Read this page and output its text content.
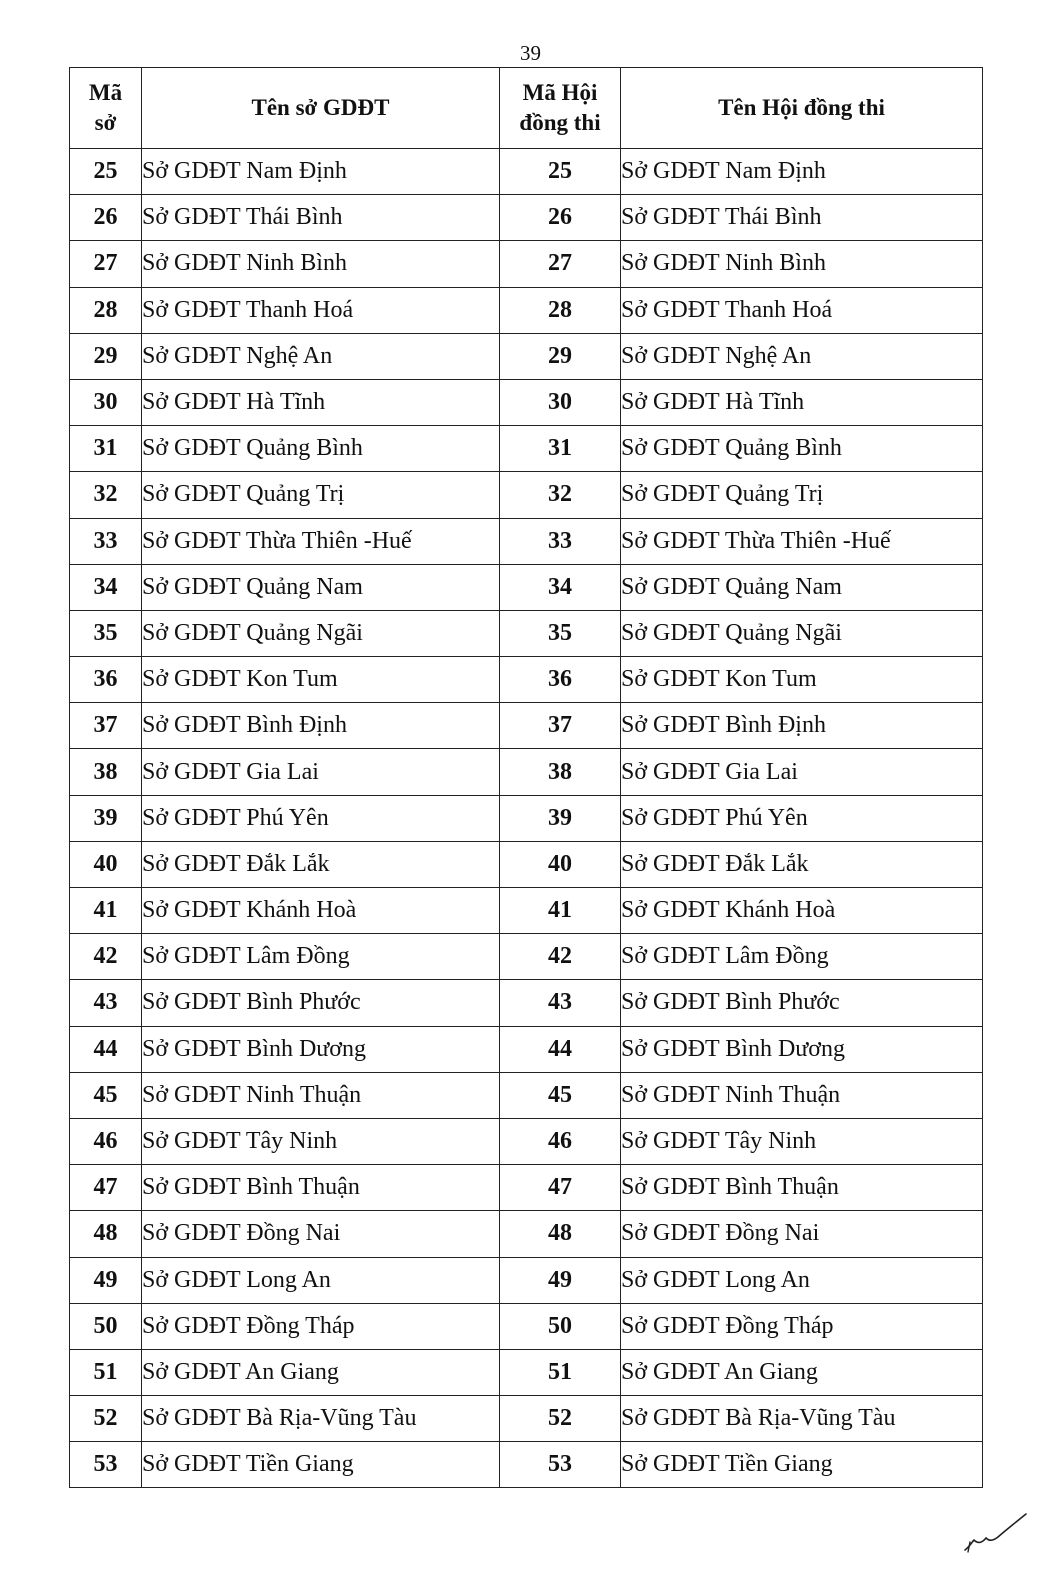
39
Mã sở	Tên sở GDĐT	Mã Hội đồng thi	Tên Hội đồng thi
25	Sở GDĐT Nam Định	25	Sở GDĐT Nam Định
26	Sở GDĐT Thái Bình	26	Sở GDĐT Thái Bình
27	Sở GDĐT Ninh Bình	27	Sở GDĐT Ninh Bình
28	Sở GDĐT Thanh Hoá	28	Sở GDĐT Thanh Hoá
29	Sở GDĐT Nghệ An	29	Sở GDĐT Nghệ An
30	Sở GDĐT Hà Tĩnh	30	Sở GDĐT Hà Tĩnh
31	Sở GDĐT Quảng Bình	31	Sở GDĐT Quảng Bình
32	Sở GDĐT Quảng Trị	32	Sở GDĐT Quảng Trị
33	Sở GDĐT Thừa Thiên -Huế	33	Sở GDĐT Thừa Thiên -Huế
34	Sở GDĐT Quảng Nam	34	Sở GDĐT Quảng Nam
35	Sở GDĐT Quảng Ngãi	35	Sở GDĐT Quảng Ngãi
36	Sở GDĐT Kon Tum	36	Sở GDĐT Kon Tum
37	Sở GDĐT Bình Định	37	Sở GDĐT Bình Định
38	Sở GDĐT Gia Lai	38	Sở GDĐT Gia Lai
39	Sở GDĐT Phú Yên	39	Sở GDĐT Phú Yên
40	Sở GDĐT Đắk Lắk	40	Sở GDĐT Đắk Lắk
41	Sở GDĐT Khánh Hoà	41	Sở GDĐT Khánh Hoà
42	Sở GDĐT Lâm Đồng	42	Sở GDĐT Lâm Đồng
43	Sở GDĐT Bình Phước	43	Sở GDĐT Bình Phước
44	Sở GDĐT Bình Dương	44	Sở GDĐT Bình Dương
45	Sở GDĐT Ninh Thuận	45	Sở GDĐT Ninh Thuận
46	Sở GDĐT Tây Ninh	46	Sở GDĐT Tây Ninh
47	Sở GDĐT Bình Thuận	47	Sở GDĐT Bình Thuận
48	Sở GDĐT Đồng Nai	48	Sở GDĐT Đồng Nai
49	Sở GDĐT Long An	49	Sở GDĐT Long An
50	Sở GDĐT Đồng Tháp	50	Sở GDĐT Đồng Tháp
51	Sở GDĐT An Giang	51	Sở GDĐT An Giang
52	Sở GDĐT Bà Rịa-Vũng Tàu	52	Sở GDĐT Bà Rịa-Vũng Tàu
53	Sở GDĐT Tiền Giang	53	Sở GDĐT Tiền Giang
